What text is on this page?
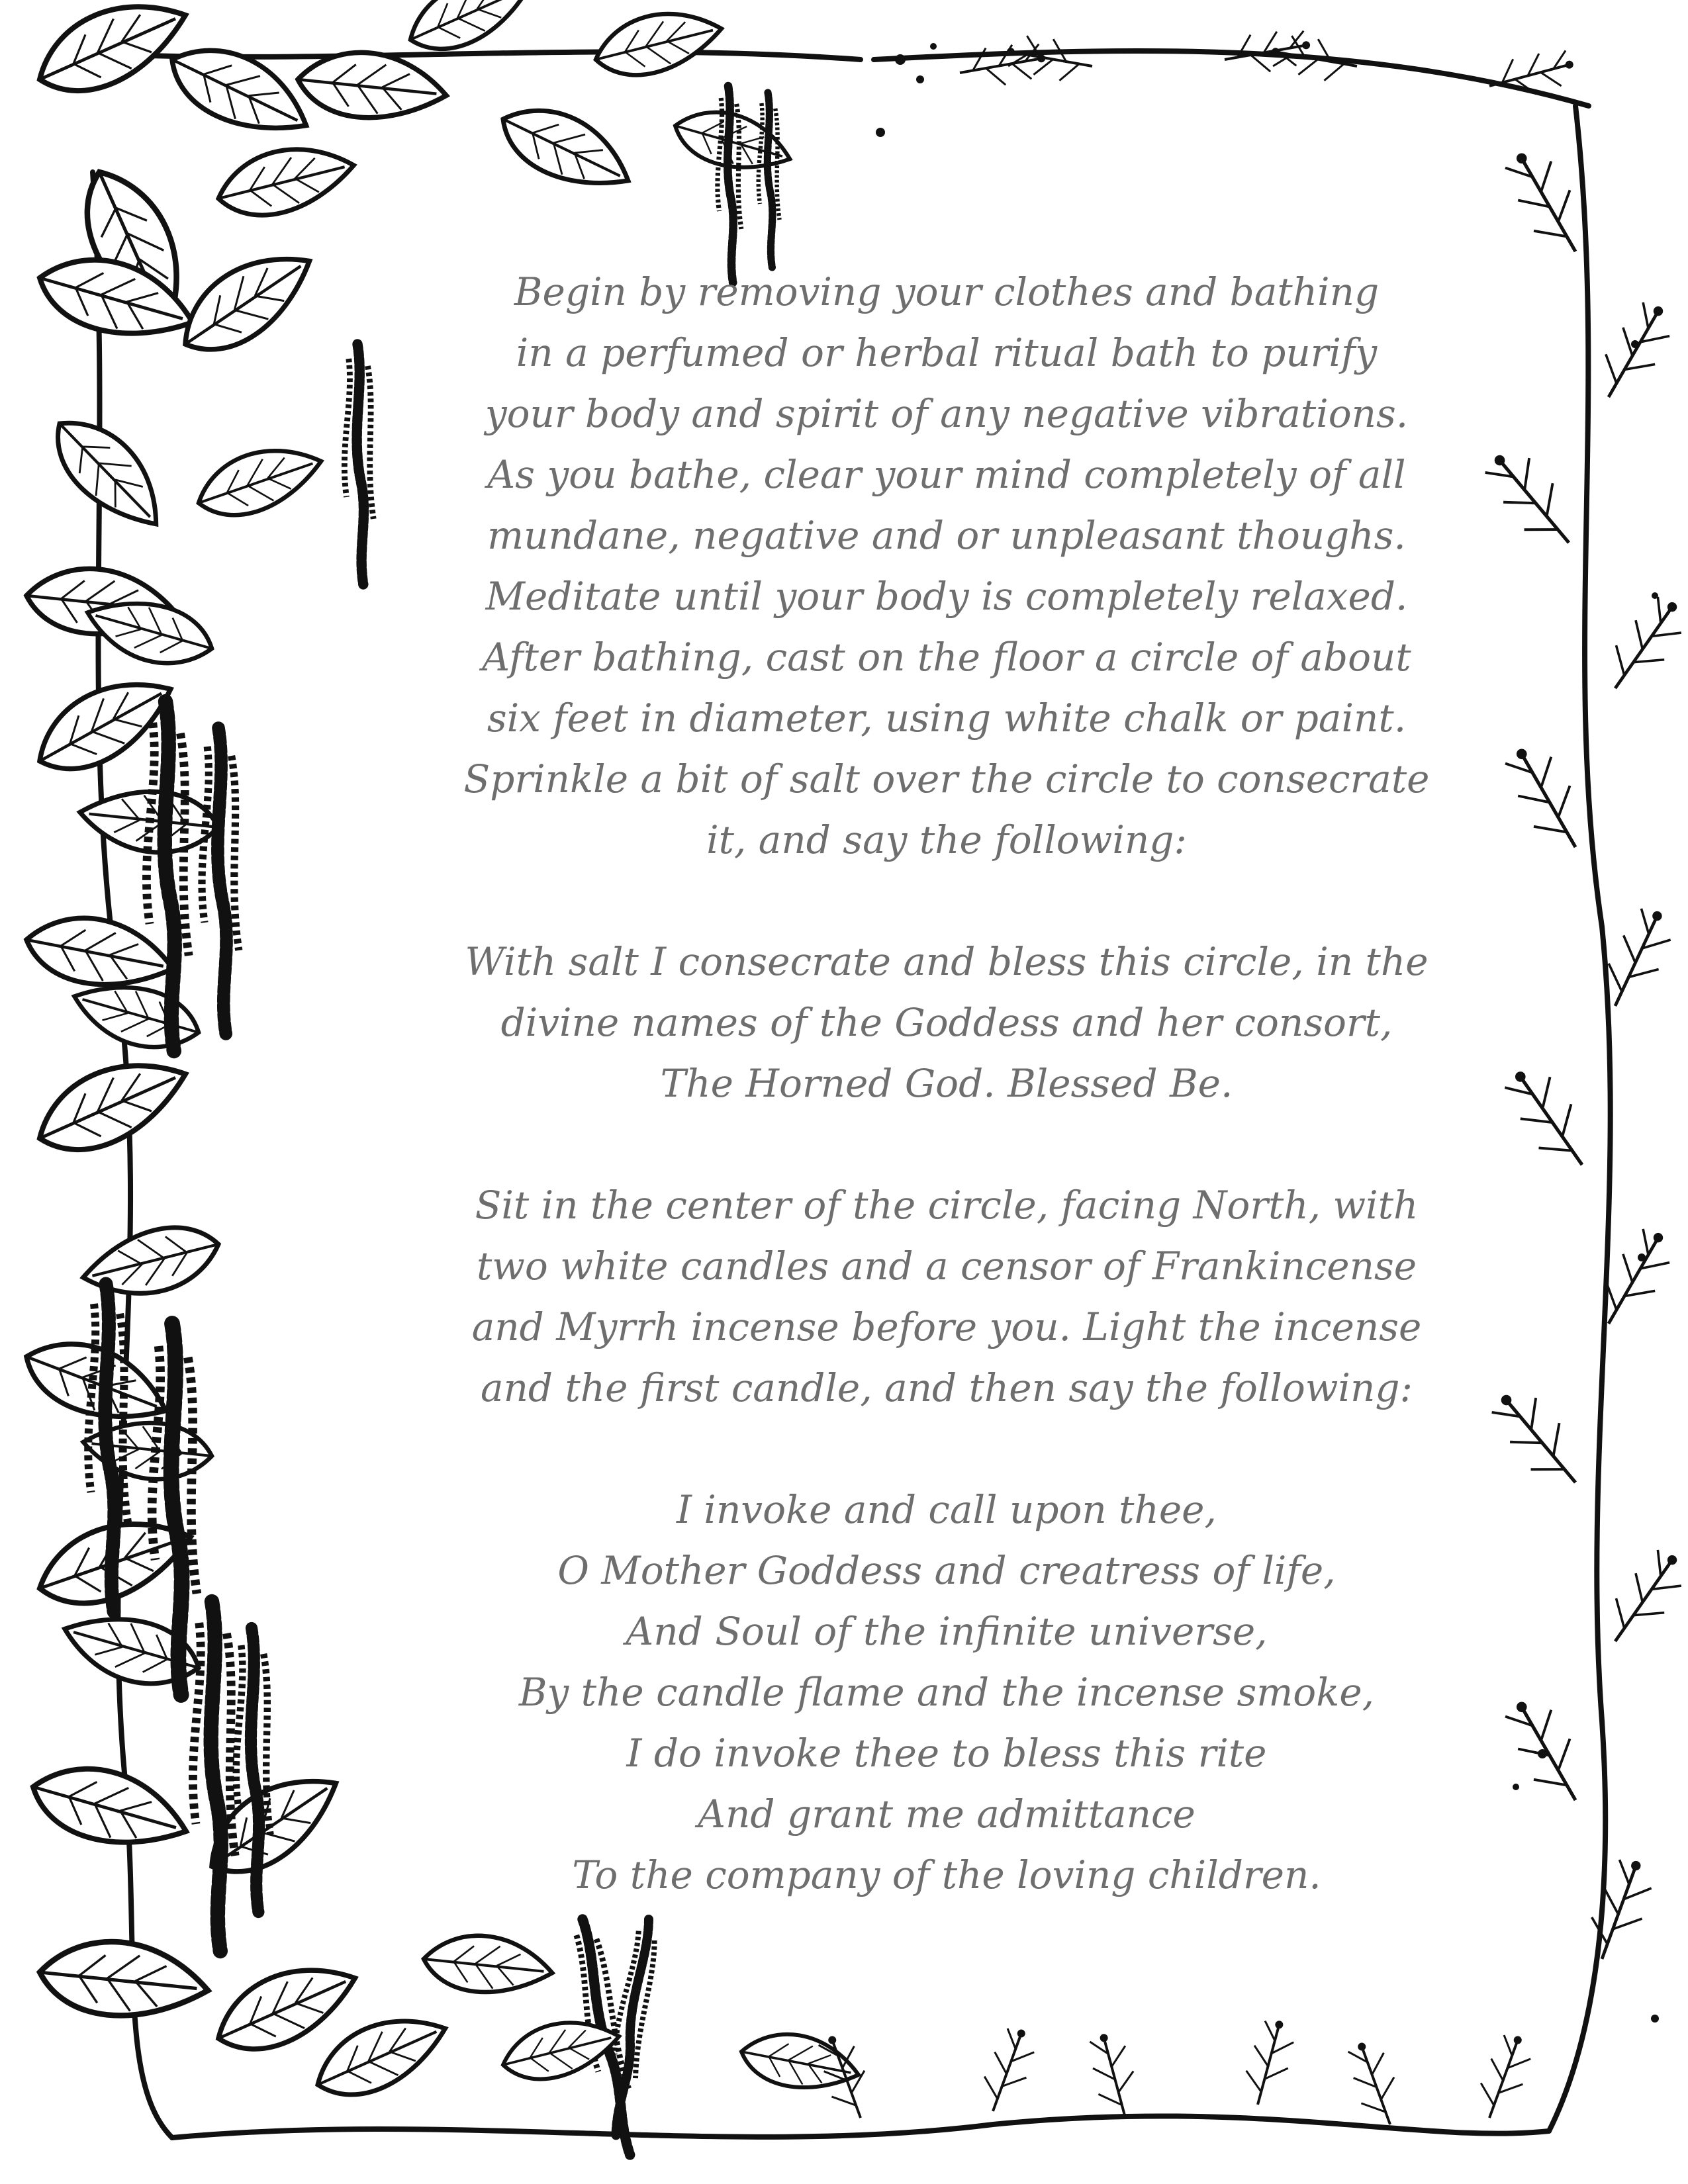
Begin by removing your clothes and bathing
in a perfumed or herbal ritual bath to purify
your body and spirit of any negative vibrations.
As you bathe, clear your mind completely of all
mundane, negative and or unpleasant thoughs.
Meditate until your body is completely relaxed.
After bathing, cast on the floor a circle of about
six feet in diameter, using white chalk or paint.
Sprinkle a bit of salt over the circle to consecrate
it, and say the following:
With salt I consecrate and bless this circle, in the
divine names of the Goddess and her consort,
The Horned God. Blessed Be.
Sit in the center of the circle, facing North, with
two white candles and a censor of Frankincense
and Myrrh incense before you. Light the incense
and the first candle, and then say the following:
I invoke and call upon thee,
O Mother Goddess and creatress of life,
And Soul of the infinite universe,
By the candle flame and the incense smoke,
I do invoke thee to bless this rite
And grant me admittance
To the company of the loving children.
